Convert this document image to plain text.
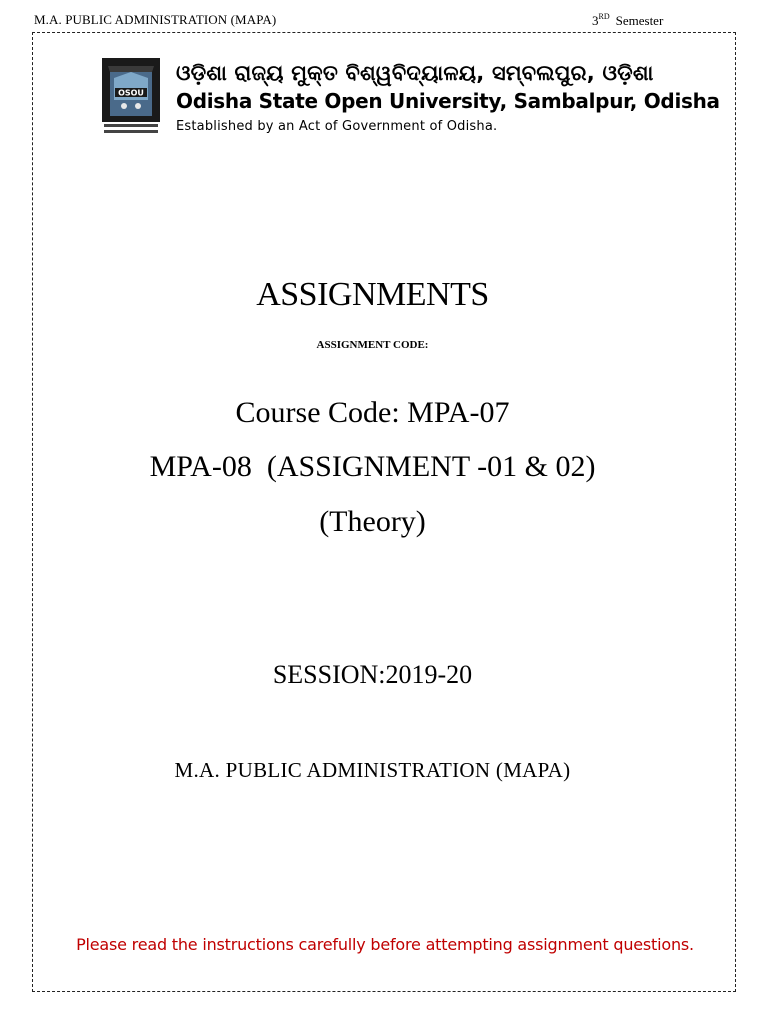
M.A. PUBLIC ADMINISTRATION (MAPA)	3RD Semester
OSOU
ଓଡ଼ିଶା ରାଜ୍ୟ ମୁକ୍ତ ବିଶ୍ୱବିଦ୍ୟାଳୟ, ସମ୍ବଲପୁର, ଓଡ଼ିଶା
Odisha State Open University, Sambalpur, Odisha
Established by an Act of Government of Odisha.
ASSIGNMENTS
ASSIGNMENT CODE:
Course Code: MPA-07
MPA-08  (ASSIGNMENT -01 & 02)
(Theory)
SESSION:2019-20
M.A. PUBLIC ADMINISTRATION (MAPA)
Please read the instructions carefully before attempting assignment questions.
